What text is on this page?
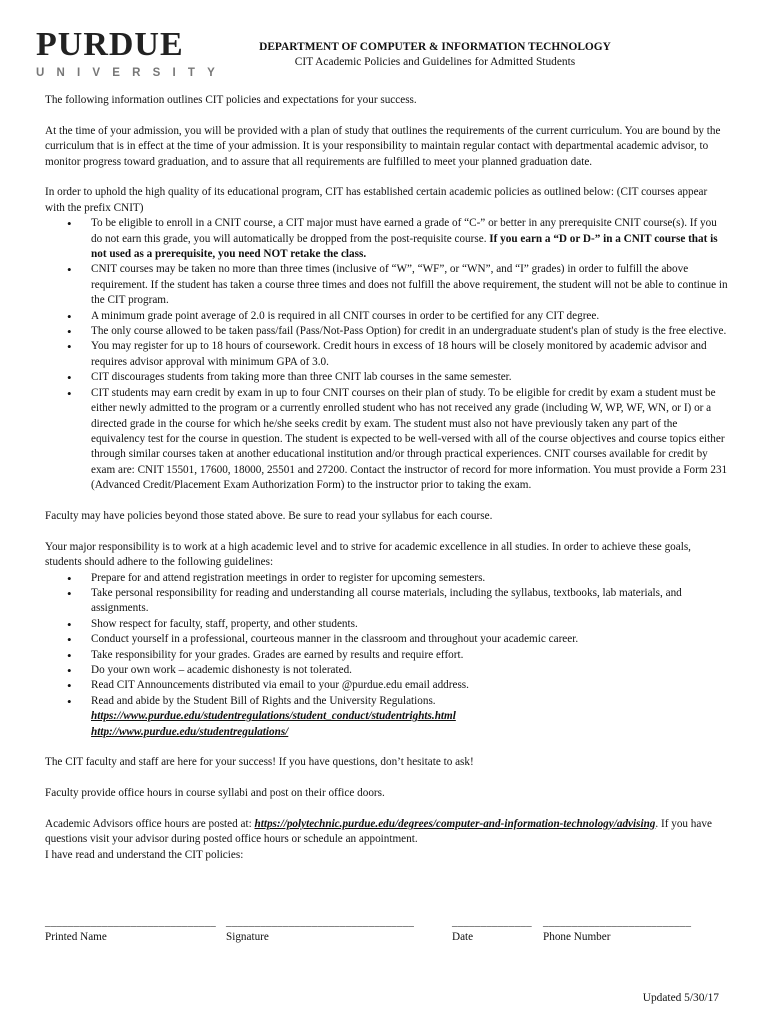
PURDUE
UNIVERSITY
DEPARTMENT OF COMPUTER & INFORMATION TECHNOLOGY
CIT Academic Policies and Guidelines for Admitted Students

The following information outlines CIT policies and expectations for your success.

At the time of your admission, you will be provided with a plan of study that outlines the requirements of the current curriculum. You are bound by the curriculum that is in effect at the time of your admission. It is your responsibility to maintain regular contact with departmental academic advisor, to monitor progress toward graduation, and to assure that all requirements are fulfilled to meet your planned graduation date.

In order to uphold the high quality of its educational program, CIT has established certain academic policies as outlined below: (CIT courses appear with the prefix CNIT)

• To be eligible to enroll in a CNIT course, a CIT major must have earned a grade of “C-” or better in any prerequisite CNIT course(s). If you do not earn this grade, you will automatically be dropped from the post-requisite course. If you earn a “D or D-” in a CNIT course that is not used as a prerequisite, you need NOT retake the class.
• CNIT courses may be taken no more than three times (inclusive of “W”, “WF”, or “WN”, and “I” grades) in order to fulfill the above requirement. If the student has taken a course three times and does not fulfill the above requirement, the student will not be able to continue in the CIT program.
• A minimum grade point average of 2.0 is required in all CNIT courses in order to be certified for any CIT degree.
• The only course allowed to be taken pass/fail (Pass/Not-Pass Option) for credit in an undergraduate student's plan of study is the free elective.
• You may register for up to 18 hours of coursework. Credit hours in excess of 18 hours will be closely monitored by academic advisor and requires advisor approval with minimum GPA of 3.0.
• CIT discourages students from taking more than three CNIT lab courses in the same semester.
• CIT students may earn credit by exam in up to four CNIT courses on their plan of study. To be eligible for credit by exam a student must be either newly admitted to the program or a currently enrolled student who has not received any grade (including W, WP, WF, WN, or I) or a directed grade in the course for which he/she seeks credit by exam. The student must also not have previously taken any part of the equivalency test for the course in question. The student is expected to be well-versed with all of the course objectives and course topics either through similar courses taken at another educational institution and/or through practical experiences. CNIT courses available for credit by exam are: CNIT 15501, 17600, 18000, 25501 and 27200. Contact the instructor of record for more information. You must provide a Form 231 (Advanced Credit/Placement Exam Authorization Form) to the instructor prior to taking the exam.

Faculty may have policies beyond those stated above. Be sure to read your syllabus for each course.

Your major responsibility is to work at a high academic level and to strive for academic excellence in all studies. In order to achieve these goals, students should adhere to the following guidelines:

• Prepare for and attend registration meetings in order to register for upcoming semesters.
• Take personal responsibility for reading and understanding all course materials, including the syllabus, textbooks, lab materials, and assignments.
• Show respect for faculty, staff, property, and other students.
• Conduct yourself in a professional, courteous manner in the classroom and throughout your academic career.
• Take responsibility for your grades. Grades are earned by results and require effort.
• Do your own work – academic dishonesty is not tolerated.
• Read CIT Announcements distributed via email to your @purdue.edu email address.
• Read and abide by the Student Bill of Rights and the University Regulations.
https://www.purdue.edu/studentregulations/student_conduct/studentrights.html
http://www.purdue.edu/studentregulations/

The CIT faculty and staff are here for your success! If you have questions, don’t hesitate to ask!

Faculty provide office hours in course syllabi and post on their office doors.

Academic Advisors office hours are posted at: https://polytechnic.purdue.edu/degrees/computer-and-information-technology/advising. If you have questions visit your advisor during posted office hours or schedule an appointment.

I have read and understand the CIT policies:

______________________________
Printed Name
_________________________________
Signature
______________
Date
__________________________
Phone Number
Updated 5/30/17
